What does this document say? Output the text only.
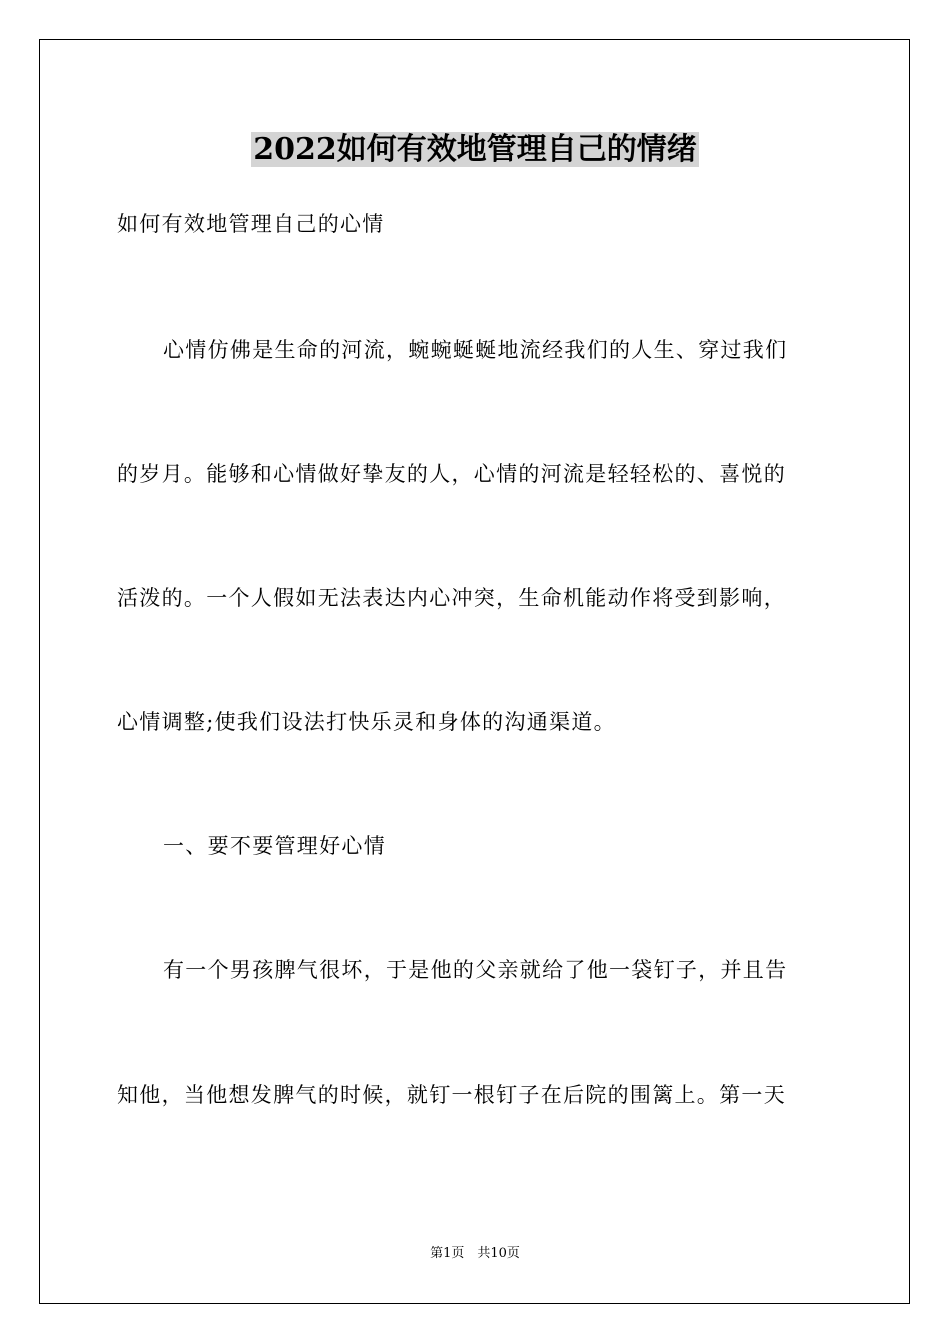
2022如何有效地管理自己的情绪

如何有效地管理自己的心情

心情仿佛是生命的河流，蜿蜿蜒蜒地流经我们的人生、穿过我们

的岁月。能够和心情做好挚友的人，心情的河流是轻轻松的、喜悦的

活泼的。一个人假如无法表达内心冲突，生命机能动作将受到影响，

心情调整;使我们设法打快乐灵和身体的沟通渠道。

一、要不要管理好心情

有一个男孩脾气很坏，于是他的父亲就给了他一袋钉子，并且告

知他，当他想发脾气的时候，就钉一根钉子在后院的围篱上。第一天

第1页　共10页
